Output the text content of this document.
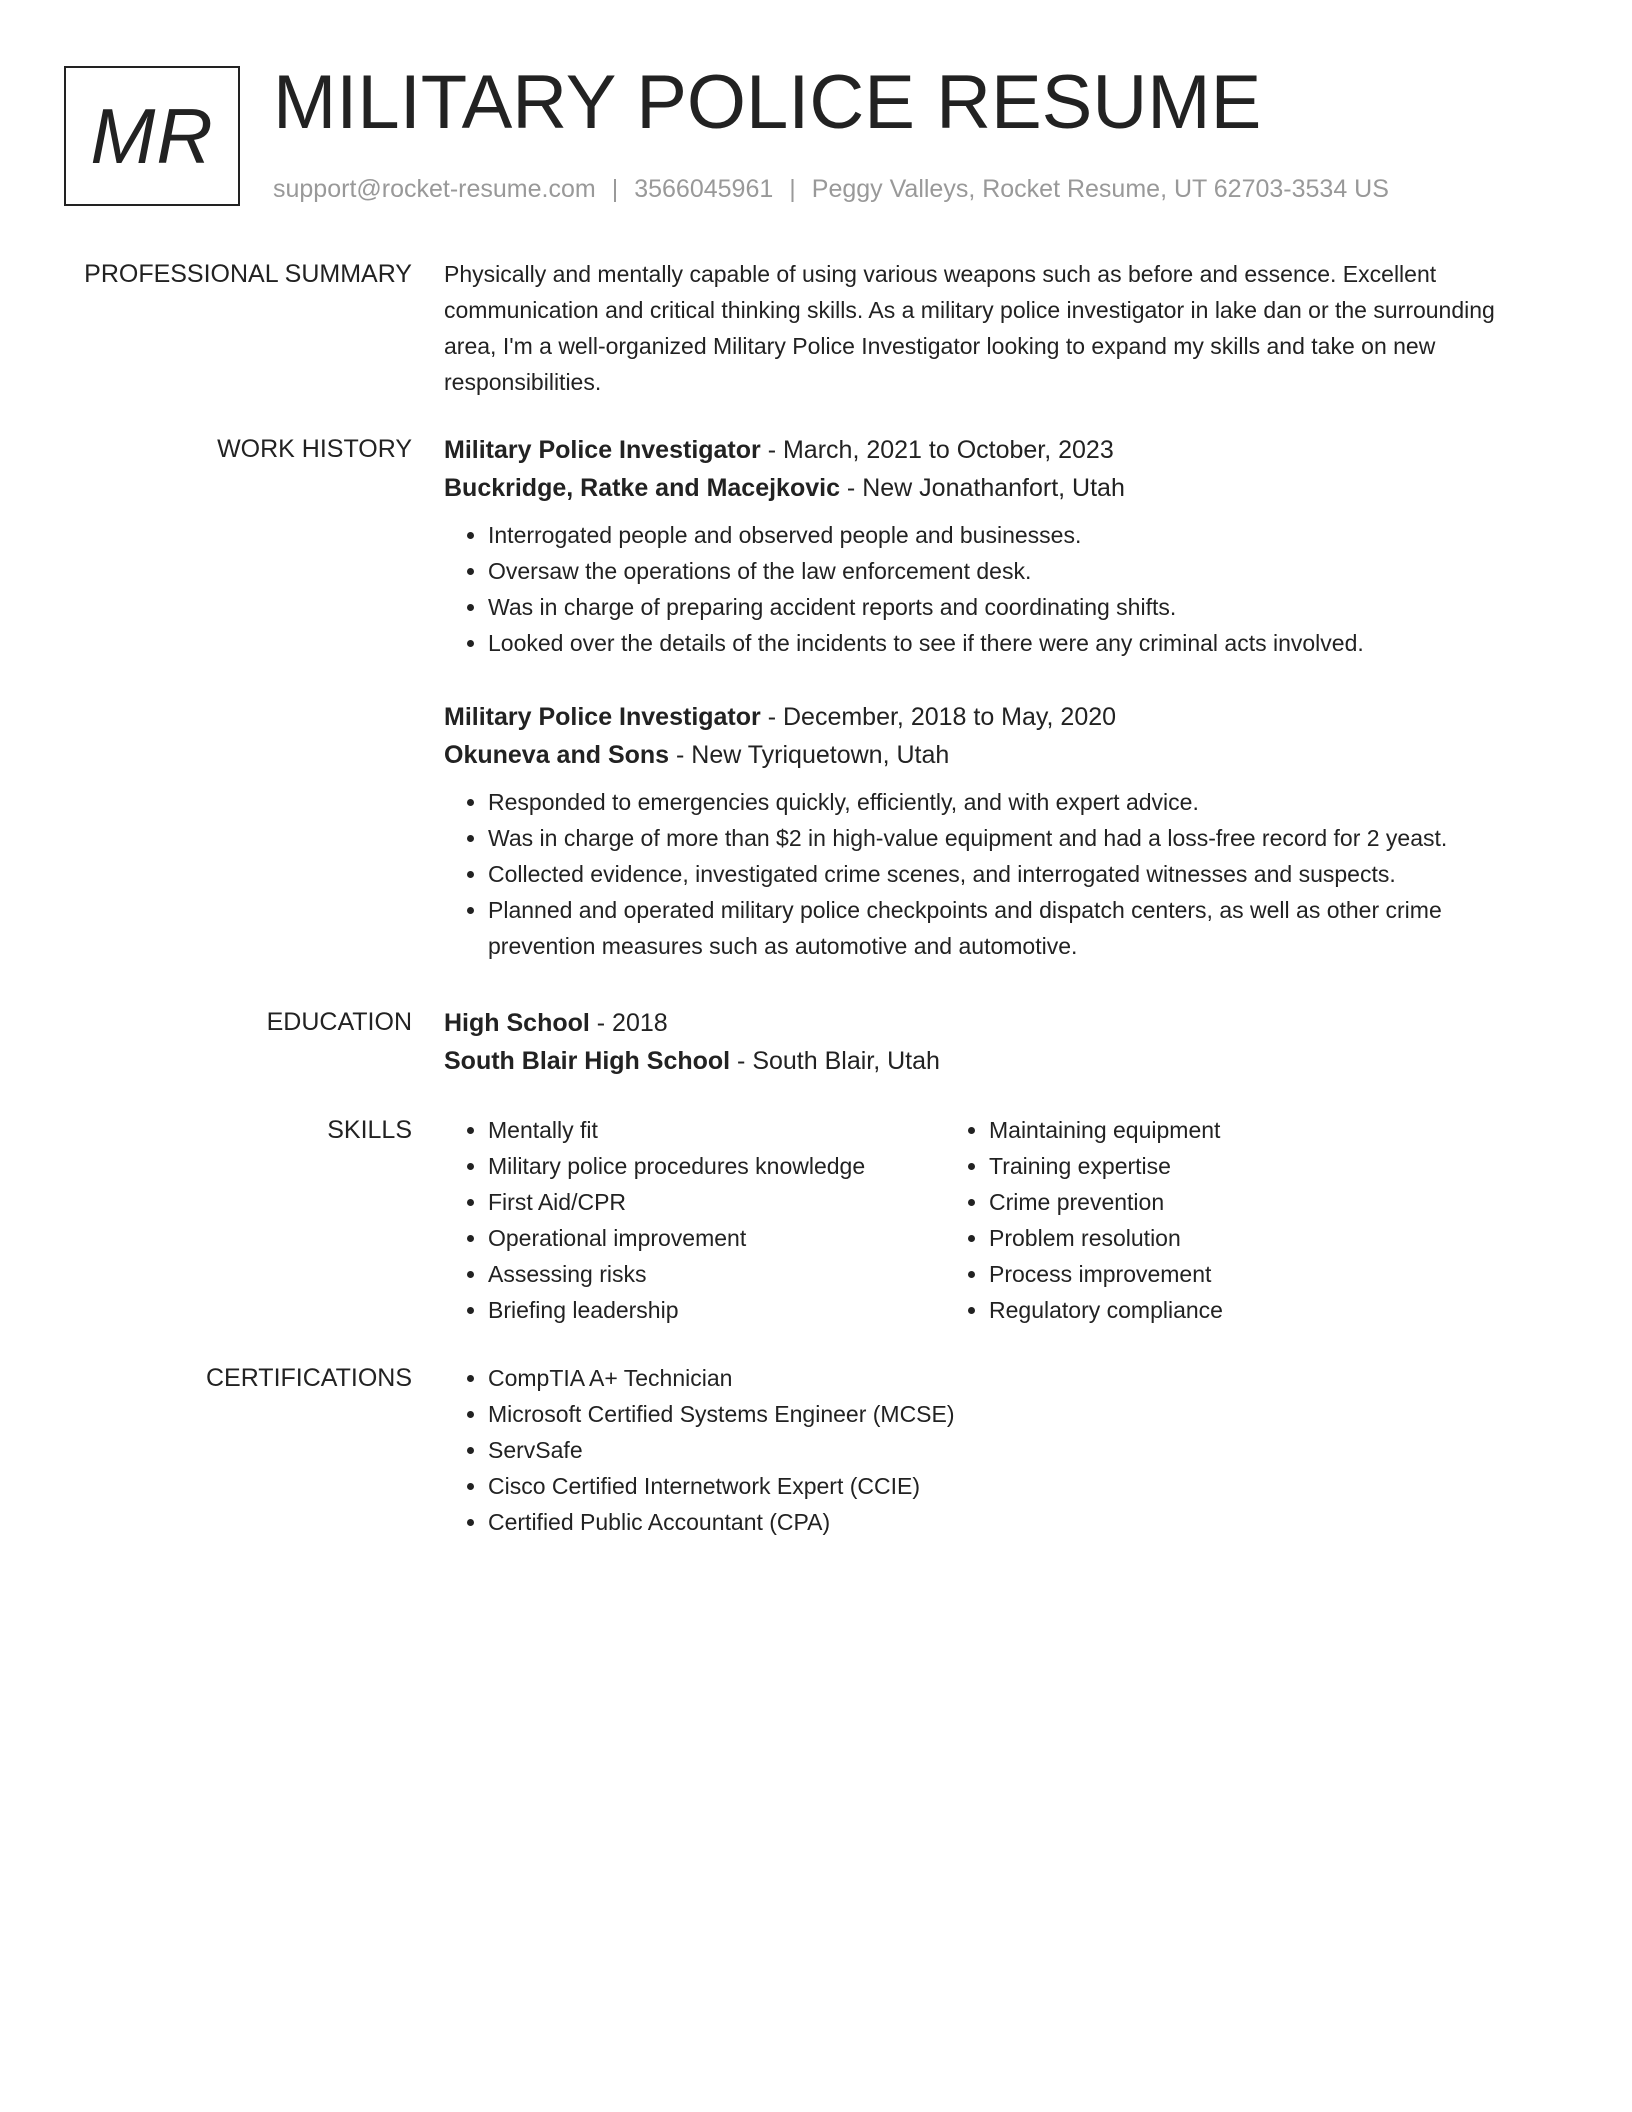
MR MILITARY POLICE RESUME
support@rocket-resume.com | 3566045961 | Peggy Valleys, Rocket Resume, UT 62703-3534 US
PROFESSIONAL SUMMARY Physically and mentally capable of using various weapons such as before and essence. Excellent communication and critical thinking skills. As a military police investigator in lake dan or the surrounding area, I'm a well-organized Military Police Investigator looking to expand my skills and take on new responsibilities.

WORK HISTORY Military Police Investigator - March, 2021 to October, 2023
Buckridge, Ratke and Macejkovic - New Jonathanfort, Utah
• Interrogated people and observed people and businesses.
• Oversaw the operations of the law enforcement desk.
• Was in charge of preparing accident reports and coordinating shifts.
• Looked over the details of the incidents to see if there were any criminal acts involved.
Military Police Investigator - December, 2018 to May, 2020
Okuneva and Sons - New Tyriquetown, Utah
• Responded to emergencies quickly, efficiently, and with expert advice.
• Was in charge of more than $2 in high-value equipment and had a loss-free record for 2 yeast.
• Collected evidence, investigated crime scenes, and interrogated witnesses and suspects.
• Planned and operated military police checkpoints and dispatch centers, as well as other crime prevention measures such as automotive and automotive.
EDUCATION High School - 2018
South Blair High School - South Blair, Utah
SKILLS	• Mentally fit
• Military police procedures knowledge
• First Aid/CPR
• Operational improvement
• Assessing risks
• Briefing leadership
• Maintaining equipment
• Training expertise
• Crime prevention
• Problem resolution
• Process improvement
• Regulatory compliance
CERTIFICATIONS	• CompTIA A+ Technician
• Microsoft Certified Systems Engineer (MCSE)
• ServSafe
• Cisco Certified Internetwork Expert (CCIE)
• Certified Public Accountant (CPA)
